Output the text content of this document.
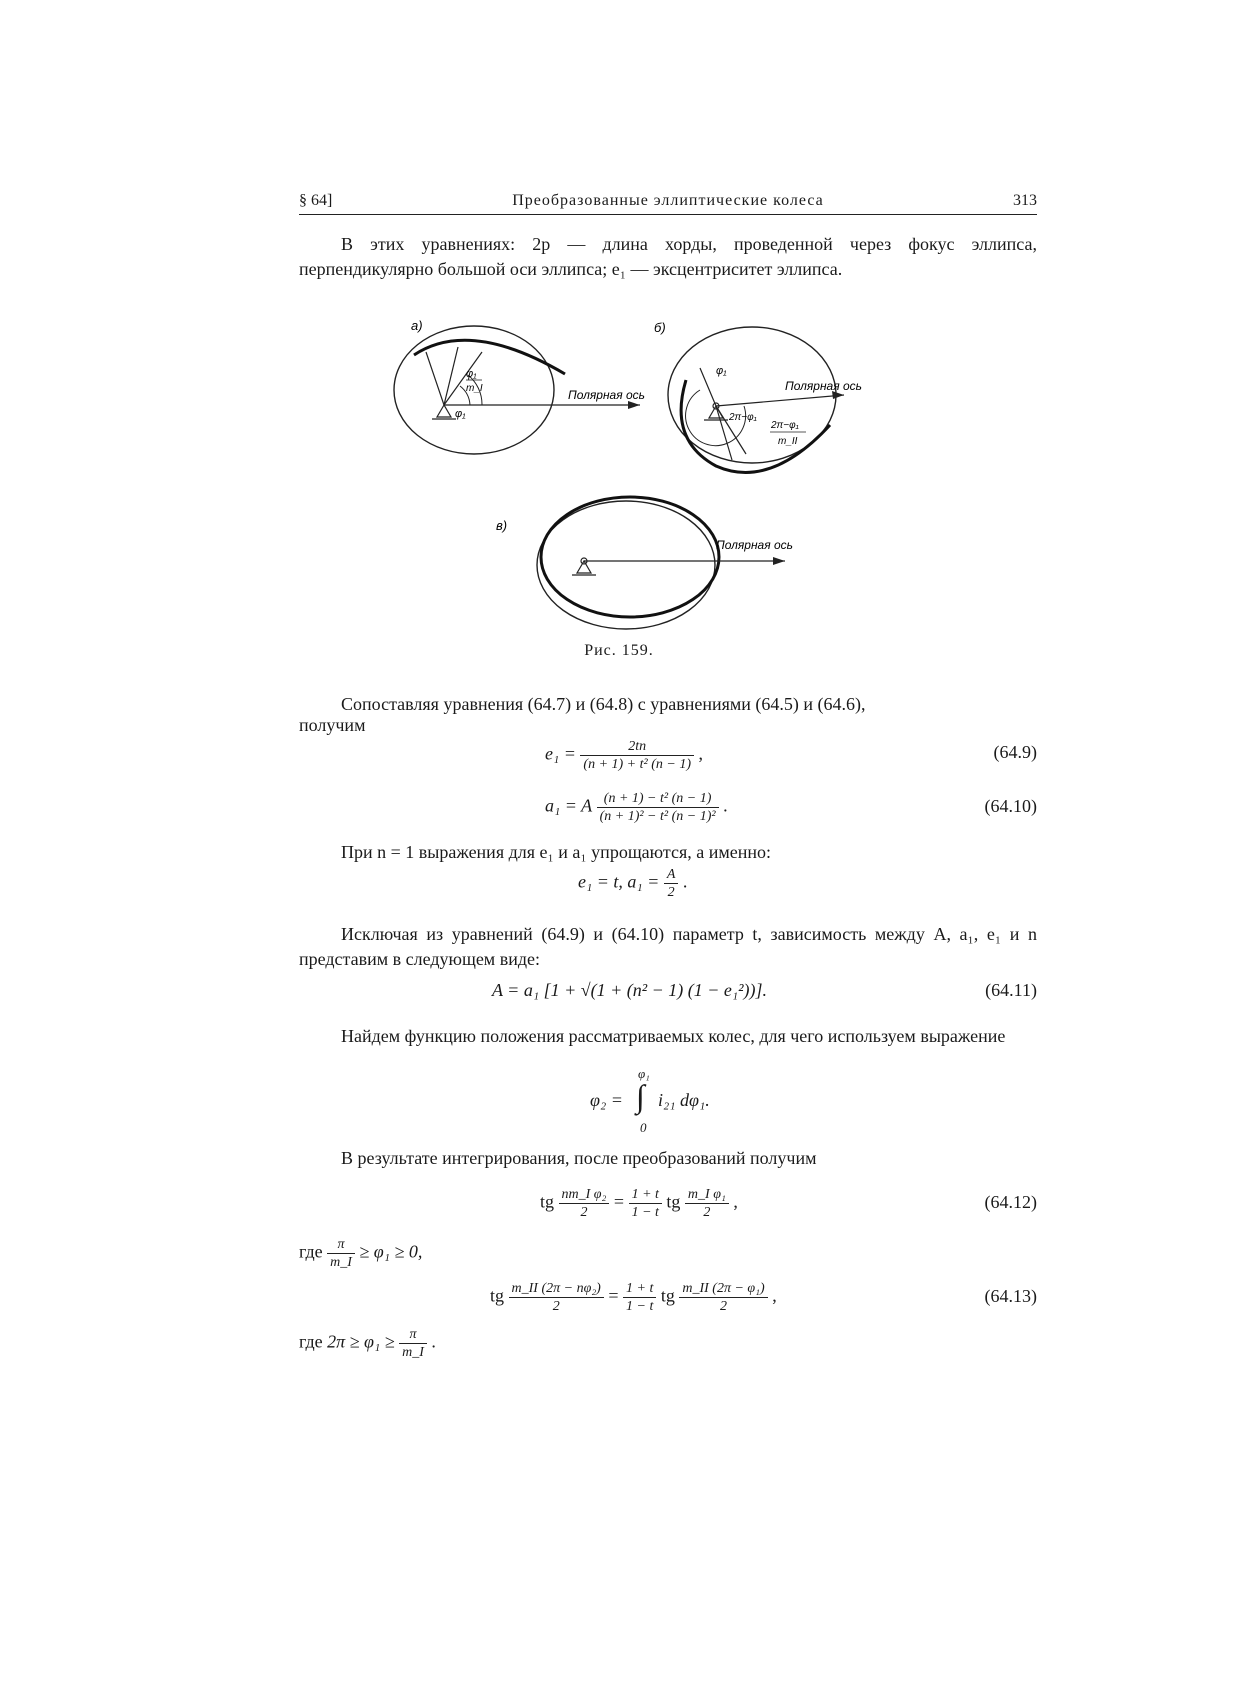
§ 64]	Преобразованные эллиптические колеса	313
В этих уравнениях: 2p — длина хорды, проведенной через фокус эллипса, перпендикулярно большой оси эллипса; e₁ — эксцентриситет эллипса.
а)
φ₁
m_I
φ₁
Полярная ось
б)
φ₁
2π−φ₁
2π−φ₁
m_II
Полярная ось
в)
Полярная ось
Рис. 159.
Сопоставляя уравнения (64.7) и (64.8) с уравнениями (64.5) и (64.6),
получим
$e_1 = \frac{2tn}{\text{(n + 1) + t² (n − 1)}}$ ,	(64.9)
a₁ = A $\frac{\text{(n + 1) − t² (n − 1)}}{\text{(n + 1)² − t² (n − 1)²}}$ .	(64.10)
При n = 1 выражения для e₁ и a₁ упрощаются, а именно:
e₁ = t, $a_1 = \frac{A}{2}$ .
Исключая из уравнений (64.9) и (64.10) параметр t, зависимость между A, a₁, e₁ и n представим в следующем виде:
A = a₁ [1 + √(1 + (n² − 1) (1 − e₁²))].	(64.11)
Найдем функцию положения рассматриваемых колес, для чего используем выражение
φ₂ =
φ₁
∫
0
i₂₁ dφ₁.
В результате интегрирования, после преобразований получим
tg $\frac{\text{nm\_I φ₂}}{2} = \frac{1 + t}{1 - t}$ tg $\frac{\text{m\_I φ₁}}{2}$ ,	(64.12)
где $\frac{\pi}{m\_I} \ge \varphi_1 \ge 0$,
tg $\frac{\text{m\_II (2π − nφ₂)}}{2} = \frac{1 + t}{1 - t}$ tg $\frac{\text{m\_II (2π − φ₁)}}{2}$ ,	(64.13)
где $2\pi \ge \varphi_1 \ge \frac{\pi}{m\_I}$ .
